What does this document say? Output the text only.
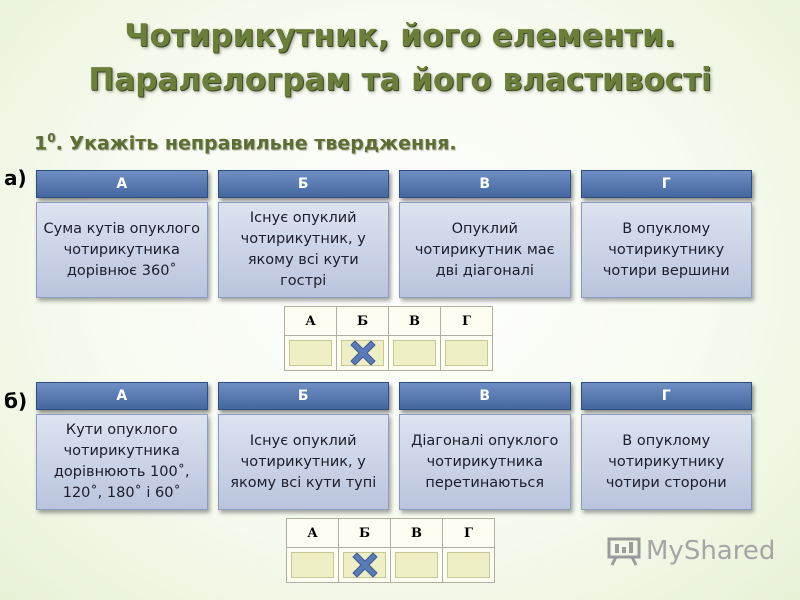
Чотирикутник, його елементи.
Паралелограм та його властивості
$1^0$. Укажіть неправильне твердження.
а)	А
Сума кутів опуклого чотирикутника дорівнює 360˚
Б
Існує опуклий чотирикутник, у якому всі кути гострі
В
Опуклий чотирикутник має дві діагоналі
Г
В опуклому чотирикутнику чотири вершини
А	Б	В	Г

б)	А
Кути опуклого чотирикутника дорівнюють 100˚, 120˚, 180˚ і 60˚
Б
Існує опуклий чотирикутник, у якому всі кути тупі
В
Діагоналі опуклого чотирикутника перетинаються
Г
В опуклому чотирикутнику чотири сторони
А	Б	В	Г

MyShared
